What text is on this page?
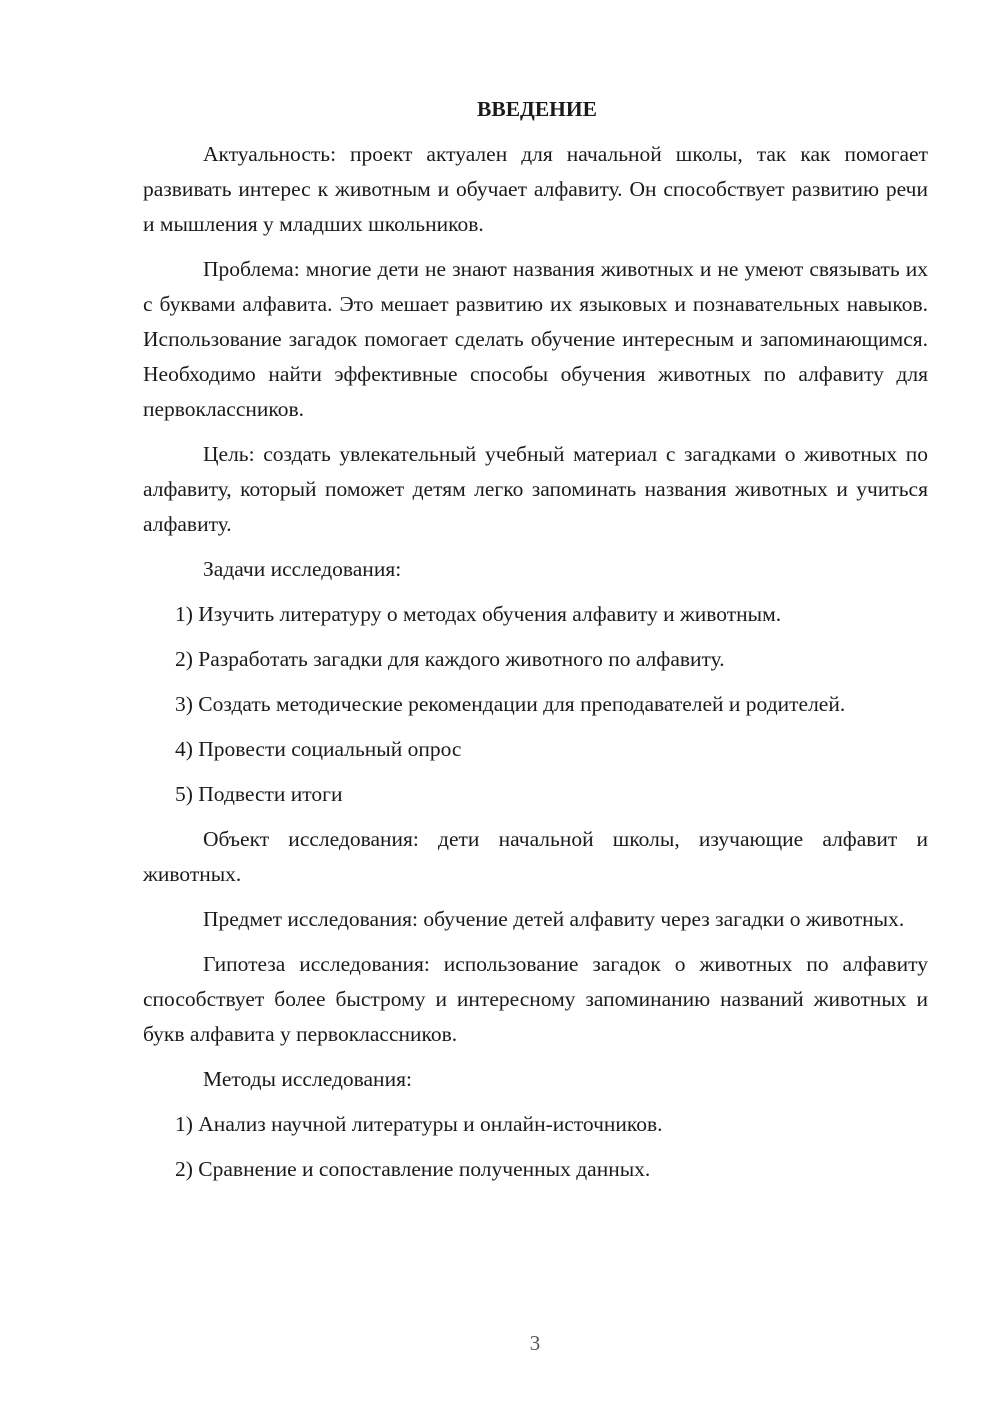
ВВЕДЕНИЕ

Актуальность: проект актуален для начальной школы, так как помогает развивать интерес к животным и обучает алфавиту. Он способствует развитию речи и мышления у младших школьников.

Проблема: многие дети не знают названия животных и не умеют связывать их с буквами алфавита. Это мешает развитию их языковых и познавательных навыков. Использование загадок помогает сделать обучение интересным и запоминающимся. Необходимо найти эффективные способы обучения животных по алфавиту для первоклассников.

Цель: создать увлекательный учебный материал с загадками о животных по алфавиту, который поможет детям легко запоминать названия животных и учиться алфавиту.

Задачи исследования:

1) Изучить литературу о методах обучения алфавиту и животным.

2) Разработать загадки для каждого животного по алфавиту.

3) Создать методические рекомендации для преподавателей и родителей.

4) Провести социальный опрос

5) Подвести итоги

Объект исследования: дети начальной школы, изучающие алфавит и животных.

Предмет исследования: обучение детей алфавиту через загадки о животных.

Гипотеза исследования: использование загадок о животных по алфавиту способствует более быстрому и интересному запоминанию названий животных и букв алфавита у первоклассников.

Методы исследования:

1) Анализ научной литературы и онлайн-источников.

2) Сравнение и сопоставление полученных данных.

3
